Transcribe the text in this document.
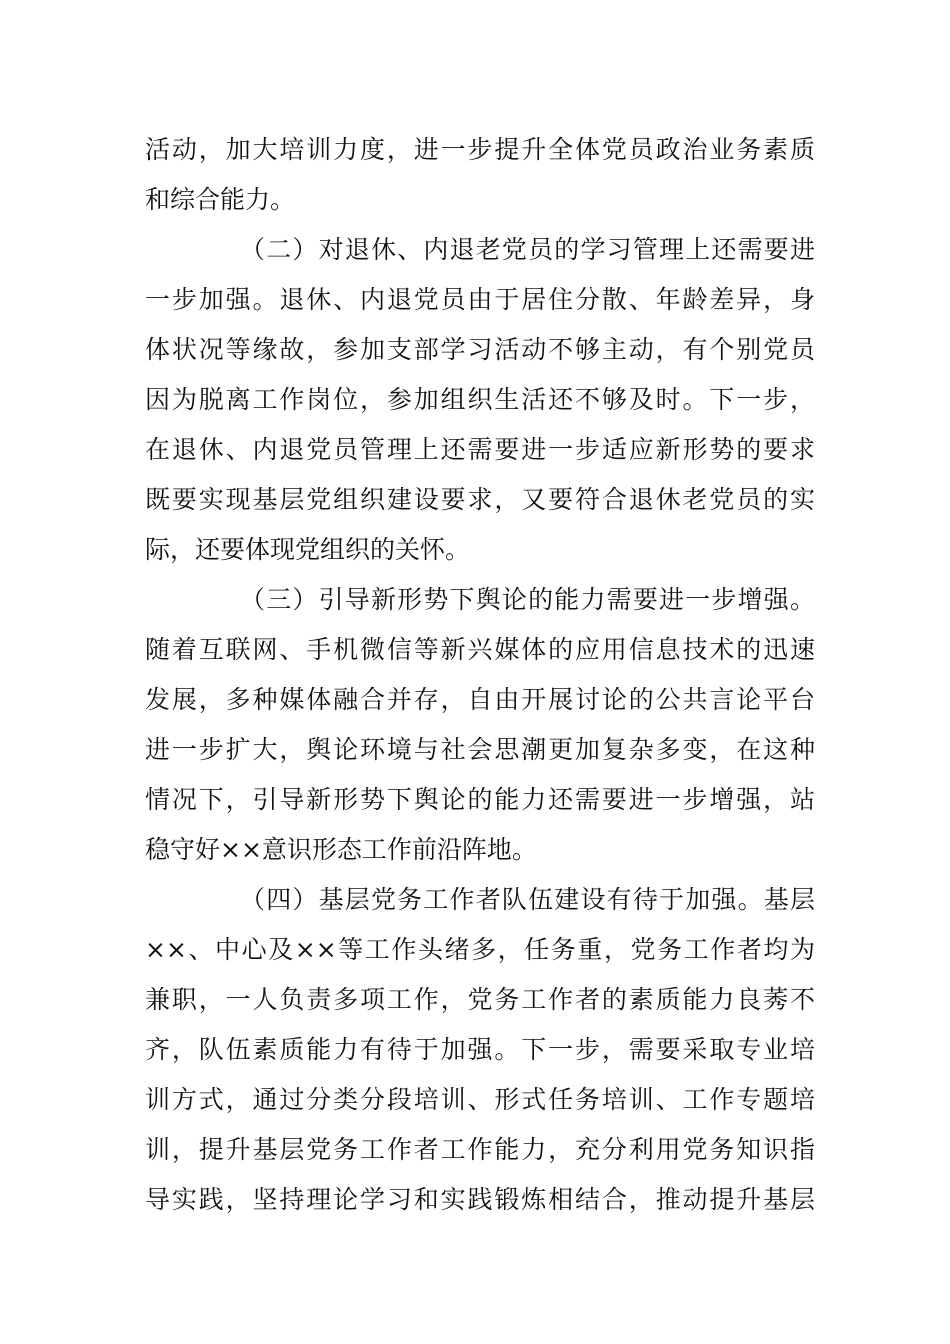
活动，加大培训力度，进一步提升全体党员政治业务素质
和综合能力。
（二）对退休、内退老党员的学习管理上还需要进
一步加强。退休、内退党员由于居住分散、年龄差异，身
体状况等缘故，参加支部学习活动不够主动，有个别党员
因为脱离工作岗位，参加组织生活还不够及时。下一步，
在退休、内退党员管理上还需要进一步适应新形势的要求
既要实现基层党组织建设要求，又要符合退休老党员的实
际，还要体现党组织的关怀。
（三）引导新形势下舆论的能力需要进一步增强。
随着互联网、手机微信等新兴媒体的应用信息技术的迅速
发展，多种媒体融合并存，自由开展讨论的公共言论平台
进一步扩大，舆论环境与社会思潮更加复杂多变，在这种
情况下，引导新形势下舆论的能力还需要进一步增强，站
稳守好××意识形态工作前沿阵地。
（四）基层党务工作者队伍建设有待于加强。基层
××、中心及××等工作头绪多，任务重，党务工作者均为
兼职，一人负责多项工作，党务工作者的素质能力良莠不
齐，队伍素质能力有待于加强。下一步，需要采取专业培
训方式，通过分类分段培训、形式任务培训、工作专题培
训，提升基层党务工作者工作能力，充分利用党务知识指
导实践，坚持理论学习和实践锻炼相结合，推动提升基层
